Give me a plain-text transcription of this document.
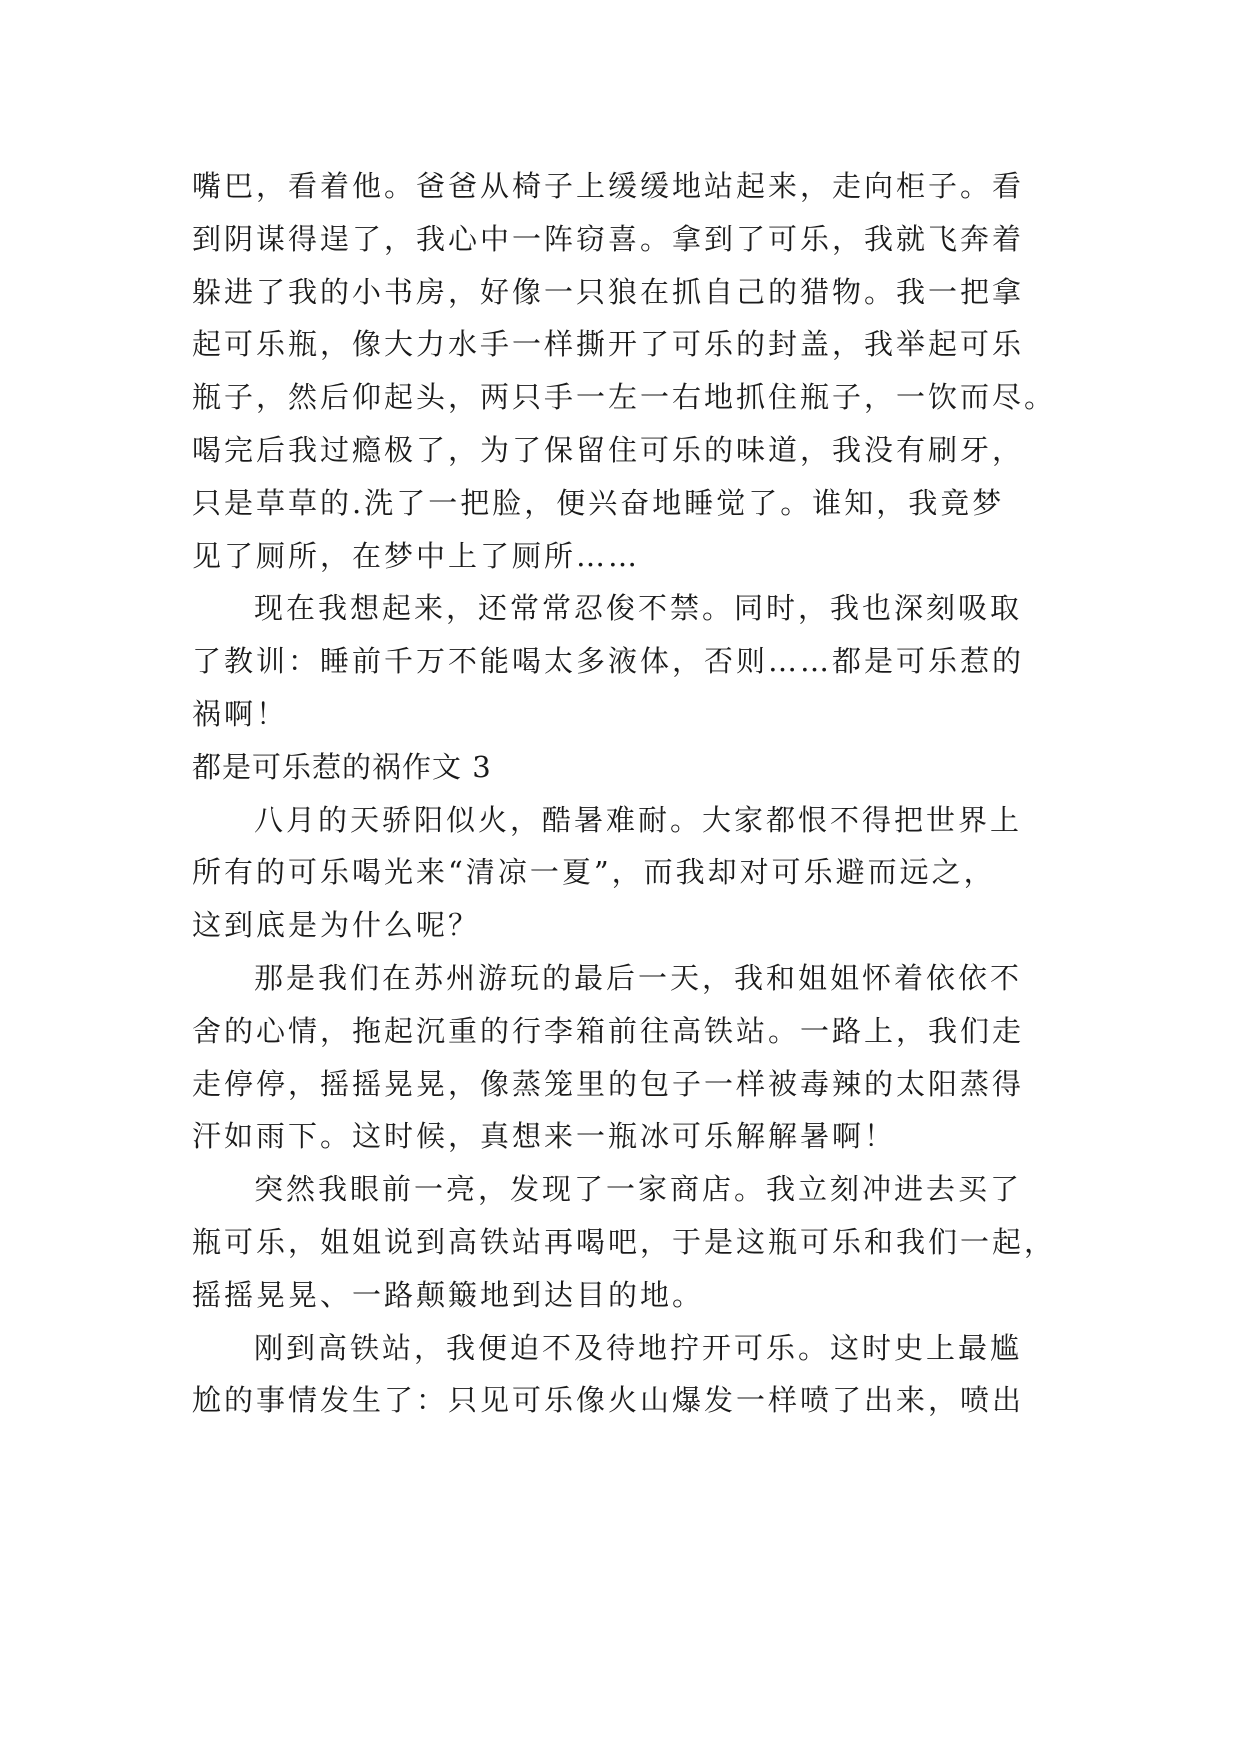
嘴巴，看着他。爸爸从椅子上缓缓地站起来，走向柜子。看
到阴谋得逞了，我心中一阵窃喜。拿到了可乐，我就飞奔着
躲进了我的小书房，好像一只狼在抓自己的猎物。我一把拿
起可乐瓶，像大力水手一样撕开了可乐的封盖，我举起可乐
瓶子，然后仰起头，两只手一左一右地抓住瓶子，一饮而尽。
喝完后我过瘾极了，为了保留住可乐的味道，我没有刷牙，
只是草草的.洗了一把脸，便兴奋地睡觉了。谁知，我竟梦
见了厕所，在梦中上了厕所……
现在我想起来，还常常忍俊不禁。同时，我也深刻吸取
了教训：睡前千万不能喝太多液体，否则……都是可乐惹的
祸啊！
都是可乐惹的祸作文 3
八月的天骄阳似火，酷暑难耐。大家都恨不得把世界上
所有的可乐喝光来“清凉一夏”，而我却对可乐避而远之，
这到底是为什么呢？
那是我们在苏州游玩的最后一天，我和姐姐怀着依依不
舍的心情，拖起沉重的行李箱前往高铁站。一路上，我们走
走停停，摇摇晃晃，像蒸笼里的包子一样被毒辣的太阳蒸得
汗如雨下。这时候，真想来一瓶冰可乐解解暑啊！
突然我眼前一亮，发现了一家商店。我立刻冲进去买了
瓶可乐，姐姐说到高铁站再喝吧，于是这瓶可乐和我们一起，
摇摇晃晃、一路颠簸地到达目的地。
刚到高铁站，我便迫不及待地拧开可乐。这时史上最尴
尬的事情发生了：只见可乐像火山爆发一样喷了出来，喷出
